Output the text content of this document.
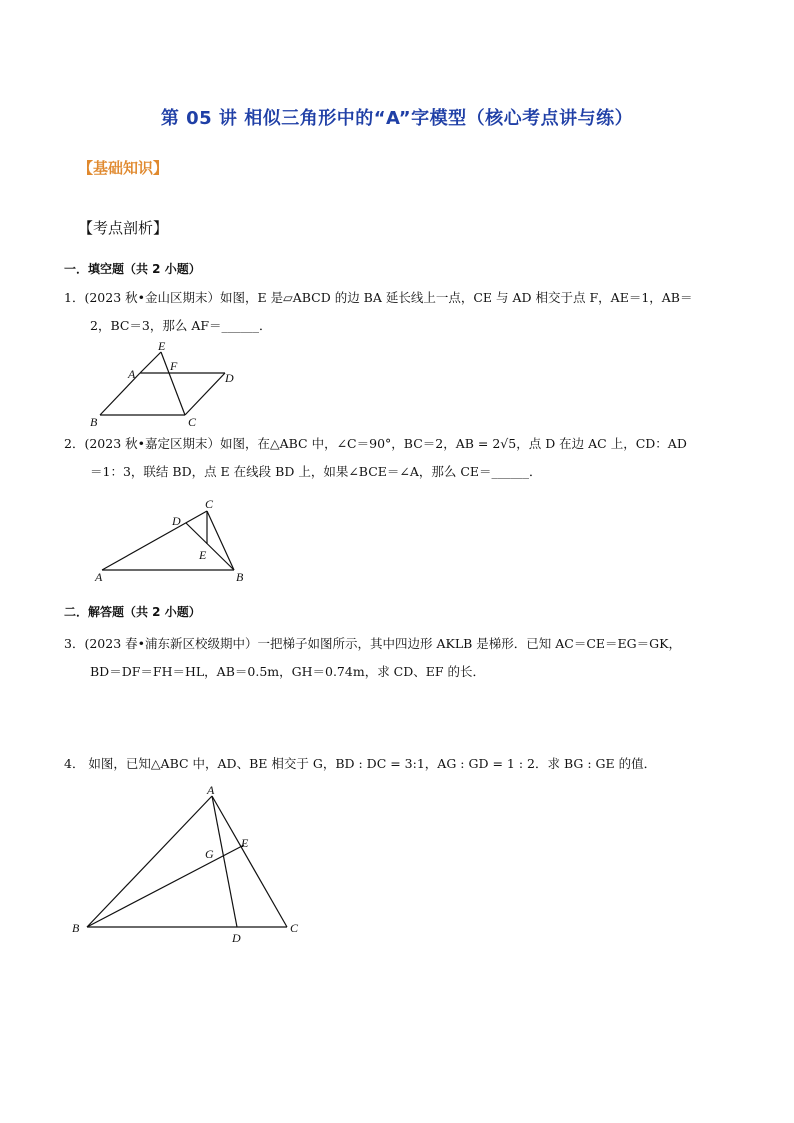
第 05 讲 相似三角形中的“A”字模型（核心考点讲与练）
【基础知识】
【考点剖析】
一．填空题（共 2 小题）
1．(2023 秋•金山区期末）如图，E 是▱ABCD 的边 BA 延长线上一点，CE 与 AD 相交于点 F，AE＝1，AB＝
2，BC＝3，那么 AF＝______．
E
F
A	D
B	C
2．(2023 秋•嘉定区期末）如图，在△ABC 中，∠C＝90°，BC＝2，AB = 2√5，点 D 在边 AC 上，CD：AD
＝1：3，联结 BD，点 E 在线段 BD 上，如果∠BCE＝∠A，那么 CE＝______．
C
D
E
A	B
二．解答题（共 2 小题）
3．(2023 春•浦东新区校级期中）一把梯子如图所示，其中四边形 AKLB 是梯形．已知 AC＝CE＝EG＝GK，
BD＝DF＝FH＝HL，AB＝0.5m，GH＝0.74m，求 CD、EF 的长．
4． 如图，已知△ABC 中，AD、BE 相交于 G，BD : DC = 3:1，AG : GD = 1 : 2．求 BG : GE 的值．
A
E
G
B
D
C
